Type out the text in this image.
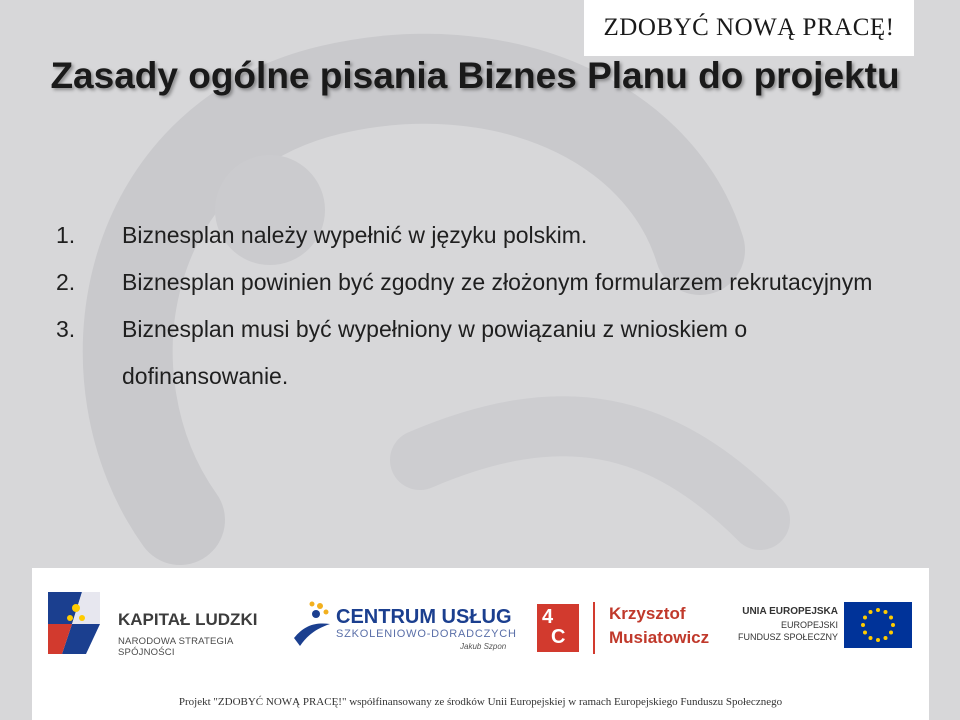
ZDOBYĆ NOWĄ PRACĘ!
Zasady ogólne pisania Biznes Planu do projektu
1.	Biznesplan należy wypełnić w języku polskim.
2.	Biznesplan powinien być zgodny ze złożonym formularzem rekrutacyjnym
3.	Biznesplan musi być wypełniony w powiązaniu z wnioskiem o dofinansowanie.
KAPITAŁ LUDZKI
NARODOWA STRATEGIA SPÓJNOŚCI
CENTRUM USŁUG
SZKOLENIOWO-DORADCZYCH
Jakub Szpon
4
C
Krzysztof
Musiatowicz
UNIA EUROPEJSKA
EUROPEJSKI
FUNDUSZ SPOŁECZNY
Projekt "ZDOBYĆ NOWĄ PRACĘ!" współfinansowany ze środków Unii Europejskiej w ramach Europejskiego Funduszu Społecznego
